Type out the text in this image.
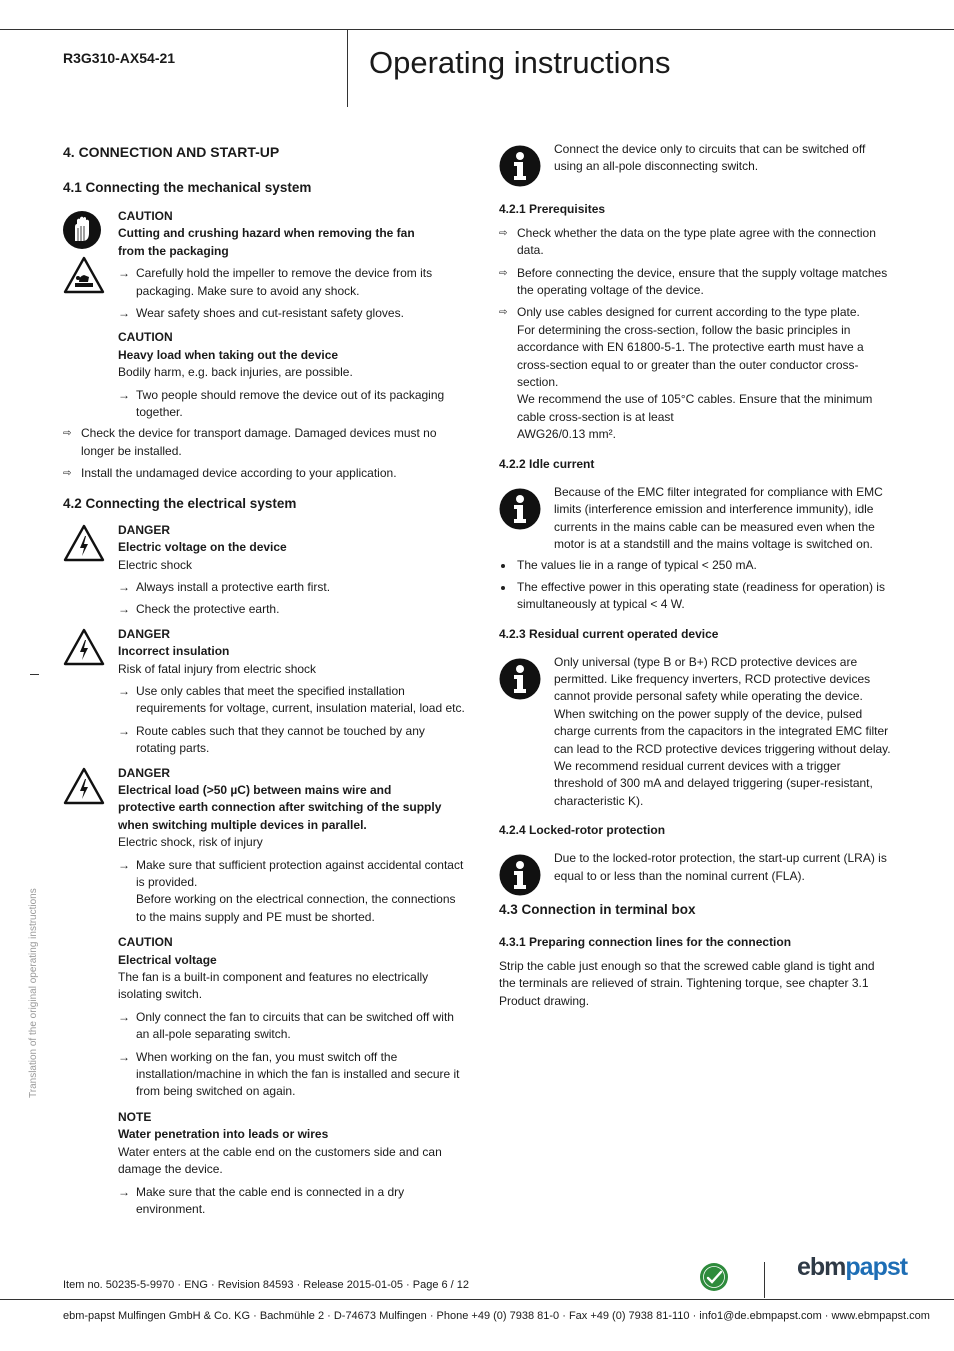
R3G310-AX54-21	Operating instructions
Translation of the original operating instructions
4. CONNECTION AND START-UP
4.1 Connecting the mechanical system
CAUTION
Cutting and crushing hazard when removing the fan from the packaging
→ Carefully hold the impeller to remove the device from its packaging. Make sure to avoid any shock.
→ Wear safety shoes and cut-resistant safety gloves.
CAUTION
Heavy load when taking out the device
Bodily harm, e.g. back injuries, are possible.
→ Two people should remove the device out of its packaging together.
⇨ Check the device for transport damage. Damaged devices must no longer be installed.
⇨ Install the undamaged device according to your application.
4.2 Connecting the electrical system
DANGER
Electric voltage on the device
Electric shock
→ Always install a protective earth first.
→ Check the protective earth.
DANGER
Incorrect insulation
Risk of fatal injury from electric shock
→ Use only cables that meet the specified installation requirements for voltage, current, insulation material, load etc.
→ Route cables such that they cannot be touched by any rotating parts.
DANGER
Electrical load (>50 µC) between mains wire and protective earth connection after switching of the supply when switching multiple devices in parallel.
Electric shock, risk of injury
→ Make sure that sufficient protection against accidental contact is provided.
Before working on the electrical connection, the connections to the mains supply and PE must be shorted.
CAUTION
Electrical voltage
The fan is a built-in component and features no electrically isolating switch.
→ Only connect the fan to circuits that can be switched off with an all-pole separating switch.
→ When working on the fan, you must switch off the installation/machine in which the fan is installed and secure it from being switched on again.
NOTE
Water penetration into leads or wires
Water enters at the cable end on the customers side and can damage the device.
→ Make sure that the cable end is connected in a dry environment.
Connect the device only to circuits that can be switched off using an all-pole disconnecting switch.
4.2.1 Prerequisites
⇨ Check whether the data on the type plate agree with the connection data.
⇨ Before connecting the device, ensure that the supply voltage matches the operating voltage of the device.
⇨ Only use cables designed for current according to the type plate.
For determining the cross-section, follow the basic principles in accordance with EN 61800-5-1. The protective earth must have a cross-section equal to or greater than the outer conductor cross-section.
We recommend the use of 105°C cables. Ensure that the minimum cable cross-section is at least
AWG26/0.13 mm².
4.2.2 Idle current
Because of the EMC filter integrated for compliance with EMC limits (interference emission and interference immunity), idle currents in the mains cable can be measured even when the motor is at a standstill and the mains voltage is switched on.
The values lie in a range of typical < 250 mA.
The effective power in this operating state (readiness for operation) is simultaneously at typical < 4 W.
4.2.3 Residual current operated device
Only universal (type B or B+) RCD protective devices are permitted. Like frequency inverters, RCD protective devices cannot provide personal safety while operating the device. When switching on the power supply of the device, pulsed charge currents from the capacitors in the integrated EMC filter can lead to the RCD protective devices triggering without delay. We recommend residual current devices with a trigger threshold of 300 mA and delayed triggering (super-resistant, characteristic K).
4.2.4 Locked-rotor protection
Due to the locked-rotor protection, the start-up current (LRA) is equal to or less than the nominal current (FLA).
4.3 Connection in terminal box
4.3.1 Preparing connection lines for the connection
Strip the cable just enough so that the screwed cable gland is tight and the terminals are relieved of strain. Tightening torque, see chapter 3.1 Product drawing.
Item no. 50235-5-9970 · ENG · Revision 84593 · Release 2015-01-05 · Page 6 / 12
ebmpapst
ebm-papst Mulfingen GmbH & Co. KG · Bachmühle 2 · D-74673 Mulfingen · Phone +49 (0) 7938 81-0 · Fax +49 (0) 7938 81-110 · info1@de.ebmpapst.com · www.ebmpapst.com
